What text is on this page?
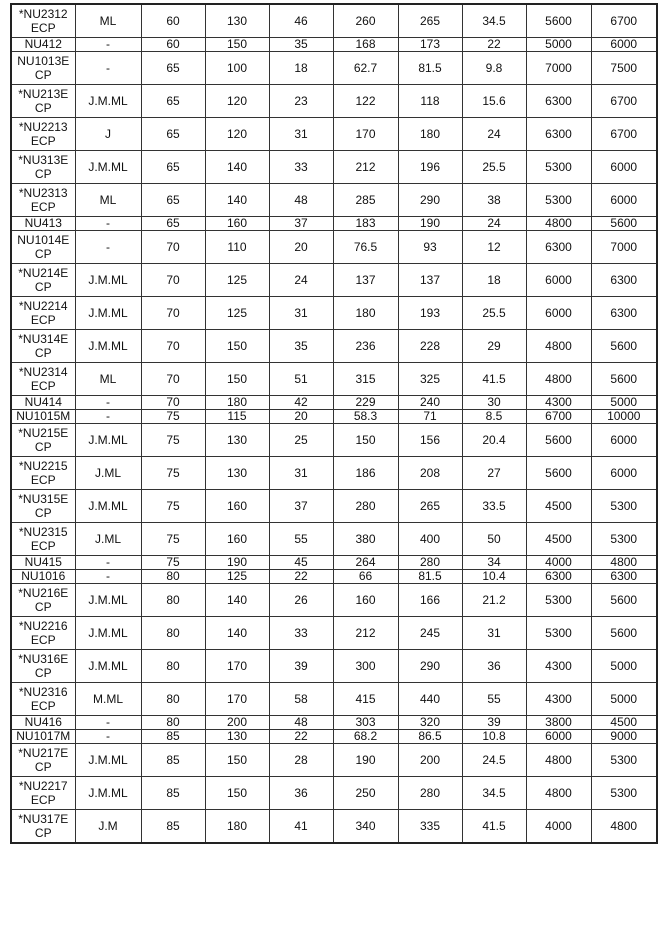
*NU2312
ECP	ML	60	130	46	260	265	34.5	5600	6700

NU412	-	60	150	35	168	173	22	5000	6000

NU1013E
CP	-	65	100	18	62.7	81.5	9.8	7000	7500

*NU213E
CP	J.M.ML	65	120	23	122	118	15.6	6300	6700

*NU2213
ECP	J	65	120	31	170	180	24	6300	6700

*NU313E
CP	J.M.ML	65	140	33	212	196	25.5	5300	6000

*NU2313
ECP	ML	65	140	48	285	290	38	5300	6000

NU413	-	65	160	37	183	190	24	4800	5600

NU1014E
CP	-	70	110	20	76.5	93	12	6300	7000

*NU214E
CP	J.M.ML	70	125	24	137	137	18	6000	6300

*NU2214
ECP	J.M.ML	70	125	31	180	193	25.5	6000	6300

*NU314E
CP	J.M.ML	70	150	35	236	228	29	4800	5600

*NU2314
ECP	ML	70	150	51	315	325	41.5	4800	5600

NU414	-	70	180	42	229	240	30	4300	5000

NU1015M	-	75	115	20	58.3	71	8.5	6700	10000

*NU215E
CP	J.M.ML	75	130	25	150	156	20.4	5600	6000

*NU2215
ECP	J.ML	75	130	31	186	208	27	5600	6000

*NU315E
CP	J.M.ML	75	160	37	280	265	33.5	4500	5300

*NU2315
ECP	J.ML	75	160	55	380	400	50	4500	5300

NU415	-	75	190	45	264	280	34	4000	4800

NU1016	-	80	125	22	66	81.5	10.4	6300	6300

*NU216E
CP	J.M.ML	80	140	26	160	166	21.2	5300	5600

*NU2216
ECP	J.M.ML	80	140	33	212	245	31	5300	5600

*NU316E
CP	J.M.ML	80	170	39	300	290	36	4300	5000

*NU2316
ECP	M.ML	80	170	58	415	440	55	4300	5000

NU416	-	80	200	48	303	320	39	3800	4500

NU1017M	-	85	130	22	68.2	86.5	10.8	6000	9000

*NU217E
CP	J.M.ML	85	150	28	190	200	24.5	4800	5300

*NU2217
ECP	J.M.ML	85	150	36	250	280	34.5	4800	5300

*NU317E
CP	J.M	85	180	41	340	335	41.5	4000	4800
